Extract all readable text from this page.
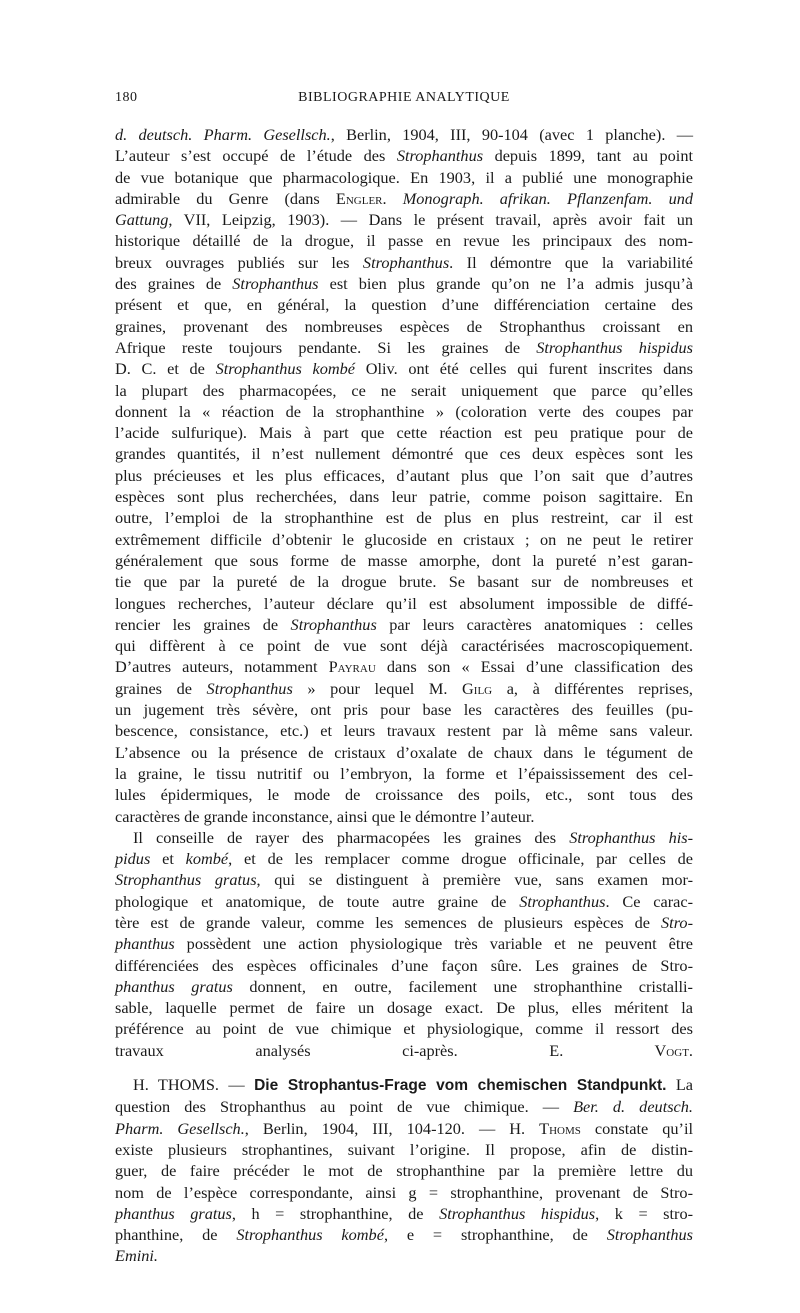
180	BIBLIOGRAPHIE ANALYTIQUE
d. deutsch. Pharm. Gesellsch., Berlin, 1904, III, 90-104 (avec 1 planche). —
L’auteur s’est occupé de l’étude des Strophanthus depuis 1899, tant au point
de vue botanique que pharmacologique. En 1903, il a publié une monographie
admirable du Genre (dans Engler. Monograph. afrikan. Pflanzenfam. und
Gattung, VII, Leipzig, 1903). — Dans le présent travail, après avoir fait un
historique détaillé de la drogue, il passe en revue les principaux des nom-
breux ouvrages publiés sur les Strophanthus. Il démontre que la variabilité
des graines de Strophanthus est bien plus grande qu’on ne l’a admis jusqu’à
présent et que, en général, la question d’une différenciation certaine des
graines, provenant des nombreuses espèces de Strophanthus croissant en
Afrique reste toujours pendante. Si les graines de Strophanthus hispidus
D. C. et de Strophanthus kombé Oliv. ont été celles qui furent inscrites dans
la plupart des pharmacopées, ce ne serait uniquement que parce qu’elles
donnent la « réaction de la strophanthine » (coloration verte des coupes par
l’acide sulfurique). Mais à part que cette réaction est peu pratique pour de
grandes quantités, il n’est nullement démontré que ces deux espèces sont les
plus précieuses et les plus efficaces, d’autant plus que l’on sait que d’autres
espèces sont plus recherchées, dans leur patrie, comme poison sagittaire. En
outre, l’emploi de la strophanthine est de plus en plus restreint, car il est
extrêmement difficile d’obtenir le glucoside en cristaux ; on ne peut le retirer
généralement que sous forme de masse amorphe, dont la pureté n’est garan-
tie que par la pureté de la drogue brute. Se basant sur de nombreuses et
longues recherches, l’auteur déclare qu’il est absolument impossible de diffé-
rencier les graines de Strophanthus par leurs caractères anatomiques : celles
qui diffèrent à ce point de vue sont déjà caractérisées macroscopiquement.
D’autres auteurs, notamment Payrau dans son « Essai d’une classification des
graines de Strophanthus » pour lequel M. Gilg a, à différentes reprises,
un jugement très sévère, ont pris pour base les caractères des feuilles (pu-
bescence, consistance, etc.) et leurs travaux restent par là même sans valeur.
L’absence ou la présence de cristaux d’oxalate de chaux dans le tégument de
la graine, le tissu nutritif ou l’embryon, la forme et l’épaississement des cel-
lules épidermiques, le mode de croissance des poils, etc., sont tous des
caractères de grande inconstance, ainsi que le démontre l’auteur.
Il conseille de rayer des pharmacopées les graines des Strophanthus his-
pidus et kombé, et de les remplacer comme drogue officinale, par celles de
Strophanthus gratus, qui se distinguent à première vue, sans examen mor-
phologique et anatomique, de toute autre graine de Strophanthus. Ce carac-
tère est de grande valeur, comme les semences de plusieurs espèces de Stro-
phanthus possèdent une action physiologique très variable et ne peuvent être
différenciées des espèces officinales d’une façon sûre. Les graines de Stro-
phanthus gratus donnent, en outre, facilement une strophanthine cristalli-
sable, laquelle permet de faire un dosage exact. De plus, elles méritent la
préférence au point de vue chimique et physiologique, comme il ressort des
travaux analysés ci-après.	E. Vogt.
H. THOMS. — Die Strophantus-Frage vom chemischen Standpunkt. La
question des Strophanthus au point de vue chimique. — Ber. d. deutsch.
Pharm. Gesellsch., Berlin, 1904, III, 104-120. — H. Thoms constate qu’il
existe plusieurs strophantines, suivant l’origine. Il propose, afin de distin-
guer, de faire précéder le mot de strophanthine par la première lettre du
nom de l’espèce correspondante, ainsi g = strophanthine, provenant de Stro-
phanthus gratus, h = strophanthine, de Strophanthus hispidus, k = stro-
phanthine, de Strophanthus kombé, e = strophanthine, de Strophanthus
Emini.
